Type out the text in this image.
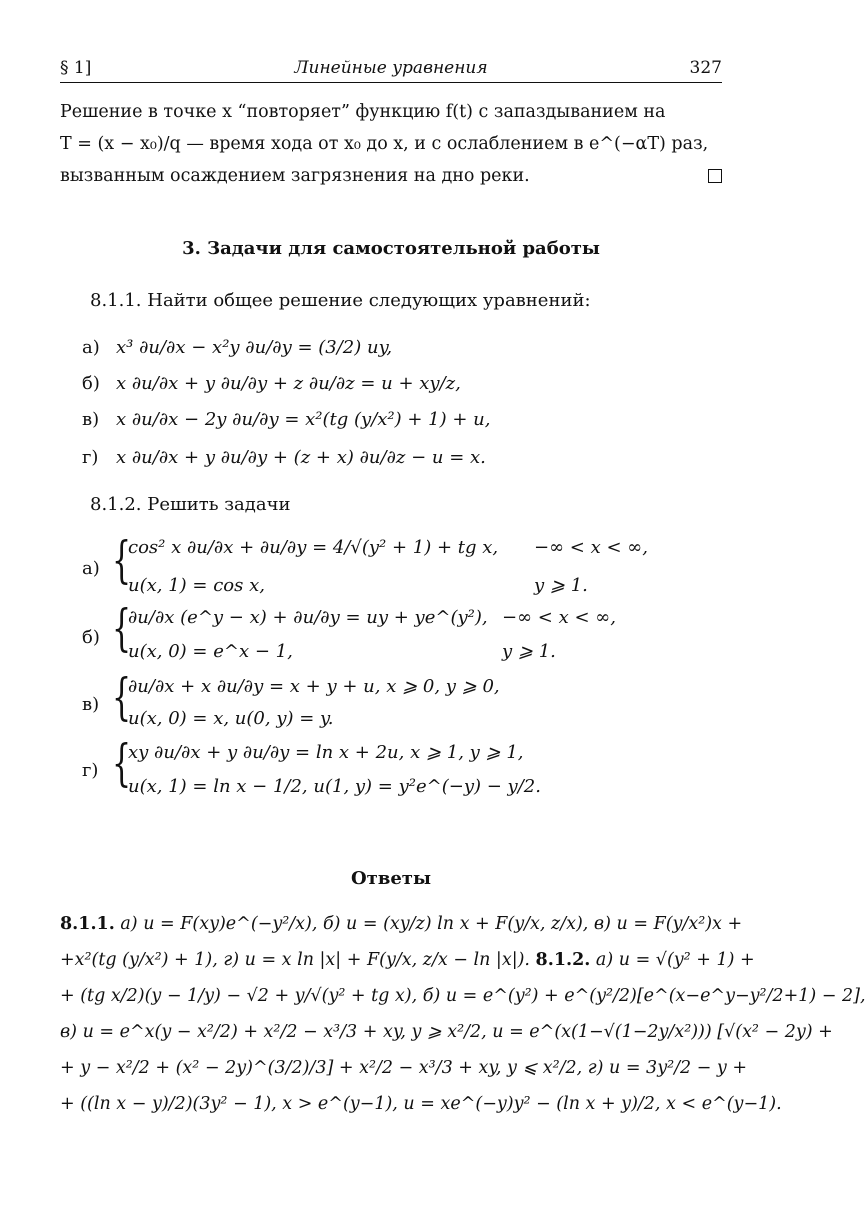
§ 1]	Линейные уравнения	327
Решение в точке x “повторяет” функцию f(t) с запаздыванием на
T = (x − x₀)/q — время хода от x₀ до x, и с ослаблением в e^(−αT) раз,
вызванным осаждением загрязнения на дно реки.
3. Задачи для самостоятельной работы
8.1.1. Найти общее решение следующих уравнений:
а) x³ ∂u/∂x − x²y ∂u/∂y = (3/2) uy,
б) x ∂u/∂x + y ∂u/∂y + z ∂u/∂z = u + xy/z,
в) x ∂u/∂x − 2y ∂u/∂y = x²(tg (y/x²) + 1) + u,
г) x ∂u/∂x + y ∂u/∂y + (z + x) ∂u/∂z − u = x.
8.1.2. Решить задачи
а) {
cos² x ∂u/∂x + ∂u/∂y = 4/√(y² + 1) + tg x, −∞ < x < ∞,
u(x, 1) = cos x,	y ⩾ 1.
б) {
∂u/∂x (e^y − x) + ∂u/∂y = uy + ye^(y²), −∞ < x < ∞,
u(x, 0) = e^x − 1,	y ⩾ 1.
в) {
∂u/∂x + x ∂u/∂y = x + y + u, x ⩾ 0, y ⩾ 0,
u(x, 0) = x, u(0, y) = y.
г) {
xy ∂u/∂x + y ∂u/∂y = ln x + 2u, x ⩾ 1, y ⩾ 1,
u(x, 1) = ln x − 1/2, u(1, y) = y²e^(−y) − y/2.
Ответы
8.1.1. а) u = F(xy)e^(−y²/x), б) u = (xy/z) ln x + F(y/x, z/x), в) u = F(y/x²)x +
+x²(tg (y/x²) + 1), г) u = x ln |x| + F(y/x, z/x − ln |x|). 8.1.2. а) u = √(y² + 1) +
+ (tg x/2)(y − 1/y) − √2 + y/√(y² + tg x), б) u = e^(y²) + e^(y²/2)[e^(x−e^y−y²/2+1) − 2],
в) u = e^x(y − x²/2) + x²/2 − x³/3 + xy, y ⩾ x²/2, u = e^(x(1−√(1−2y/x²))) [√(x² − 2y) +
+ y − x²/2 + (x² − 2y)^(3/2)/3] + x²/2 − x³/3 + xy, y ⩽ x²/2, г) u = 3y²/2 − y +
+ ((ln x − y)/2)(3y² − 1), x > e^(y−1), u = xe^(−y)y² − (ln x + y)/2, x < e^(y−1).
